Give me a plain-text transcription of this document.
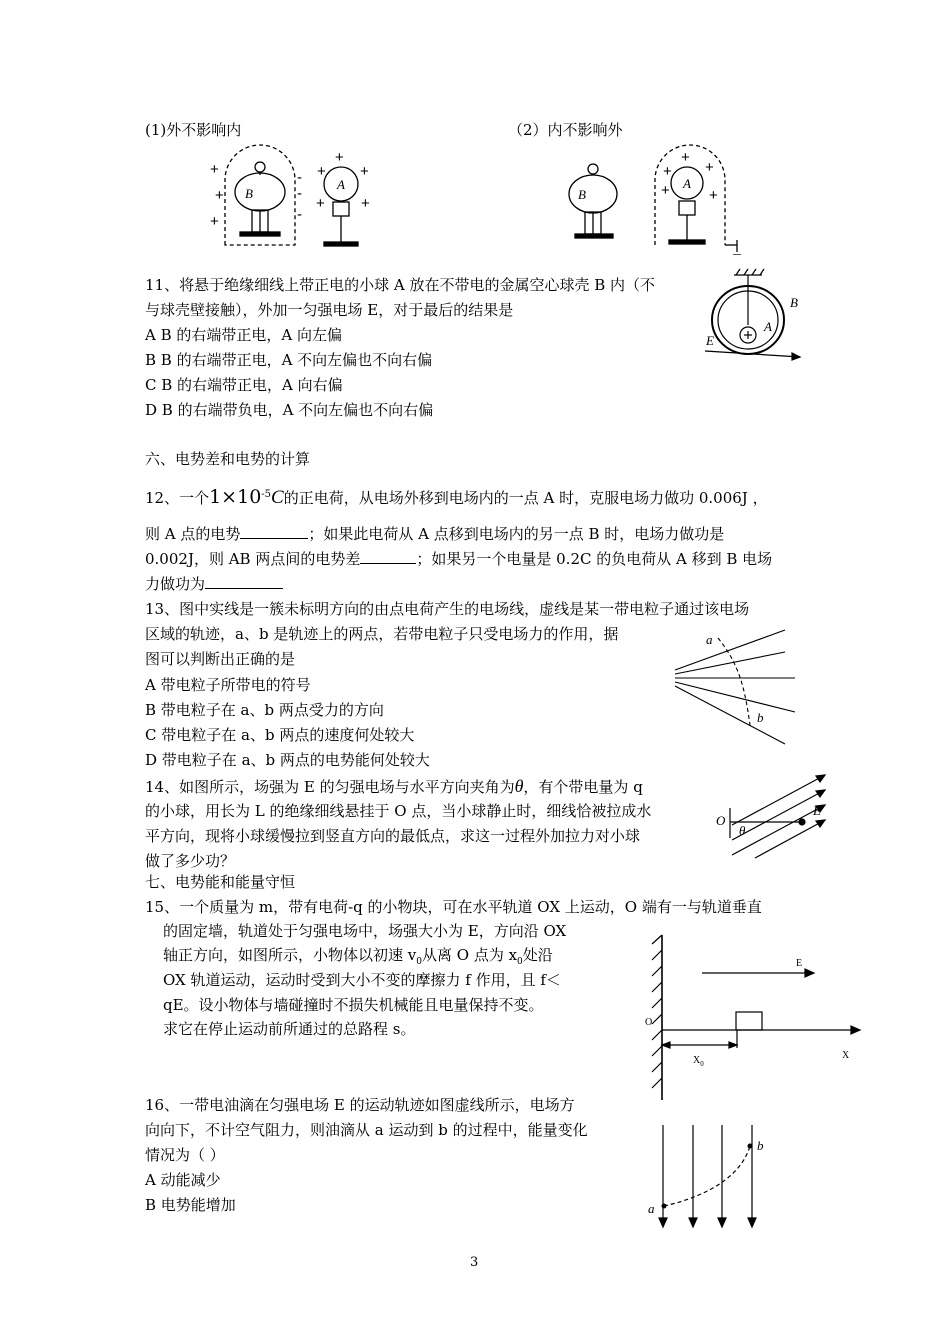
(1)外不影响内	（2）内不影响外
B
A
+
+
+
-
-
-
+
+ +
+ +
B
A
+
+ +
+	+
11、将悬于绝缘细线上带正电的小球 A 放在不带电的金属空心球壳 B 内（不
与球壳壁接触），外加一匀强电场 E，对于最后的结果是
A B 的右端带正电，A 向左偏
B B 的右端带正电，A 不向左偏也不向右偏
C B 的右端带正电，A 向右偏
D B 的右端带负电，A 不向左偏也不向右偏
B
A
E
六、电势差和电势的计算
12、一个$1\times 10^{-5}C$的正电荷，从电场外移到电场内的一点 A 时，克服电场力做功 0.006J ，
则 A 点的电势	；如果此电荷从 A 点移到电场内的另一点 B 时，电场力做功是
0.002J，则 AB 两点间的电势差	；如果另一个电量是 0.2C 的负电荷从 A 移到 B 电场
力做功为
13、图中实线是一簇未标明方向的由点电荷产生的电场线，虚线是某一带电粒子通过该电场
区域的轨迹，a、b 是轨迹上的两点，若带电粒子只受电场力的作用，据
图可以判断出正确的是
A 带电粒子所带电的符号
B 带电粒子在 a、b 两点受力的方向
C 带电粒子在 a、b 两点的速度何处较大
D 带电粒子在 a、b 两点的电势能何处较大
a
b
14、如图所示，场强为 E 的匀强电场与水平方向夹角为θ，有个带电量为 q
的小球，用长为 L 的绝缘细线悬挂于 O 点，当小球静止时，细线恰被拉成水
平方向，现将小球缓慢拉到竖直方向的最低点，求这一过程外加拉力对小球
做了多少功？
O
E
θ
七、电势能和能量守恒
15、一个质量为 m，带有电荷-q 的小物块，可在水平轨道 OX 上运动，O 端有一与轨道垂直
的固定墙，轨道处于匀强电场中，场强大小为 E，方向沿 OX
轴正方向，如图所示，小物体以初速 $v_0$从离 O 点为 $x_0$处沿
OX 轨道运动，运动时受到大小不变的摩擦力 f 作用，且 f＜
qE。设小物体与墙碰撞时不损失机械能且电量保持不变。
求它在停止运动前所通过的总路程 s。
E
O
X
$X_0$
16、一带电油滴在匀强电场 E 的运动轨迹如图虚线所示，电场方
向向下，不计空气阻力，则油滴从 a 运动到 b 的过程中，能量变化
情况为（ ）
A 动能减少
B 电势能增加	a
b
3
